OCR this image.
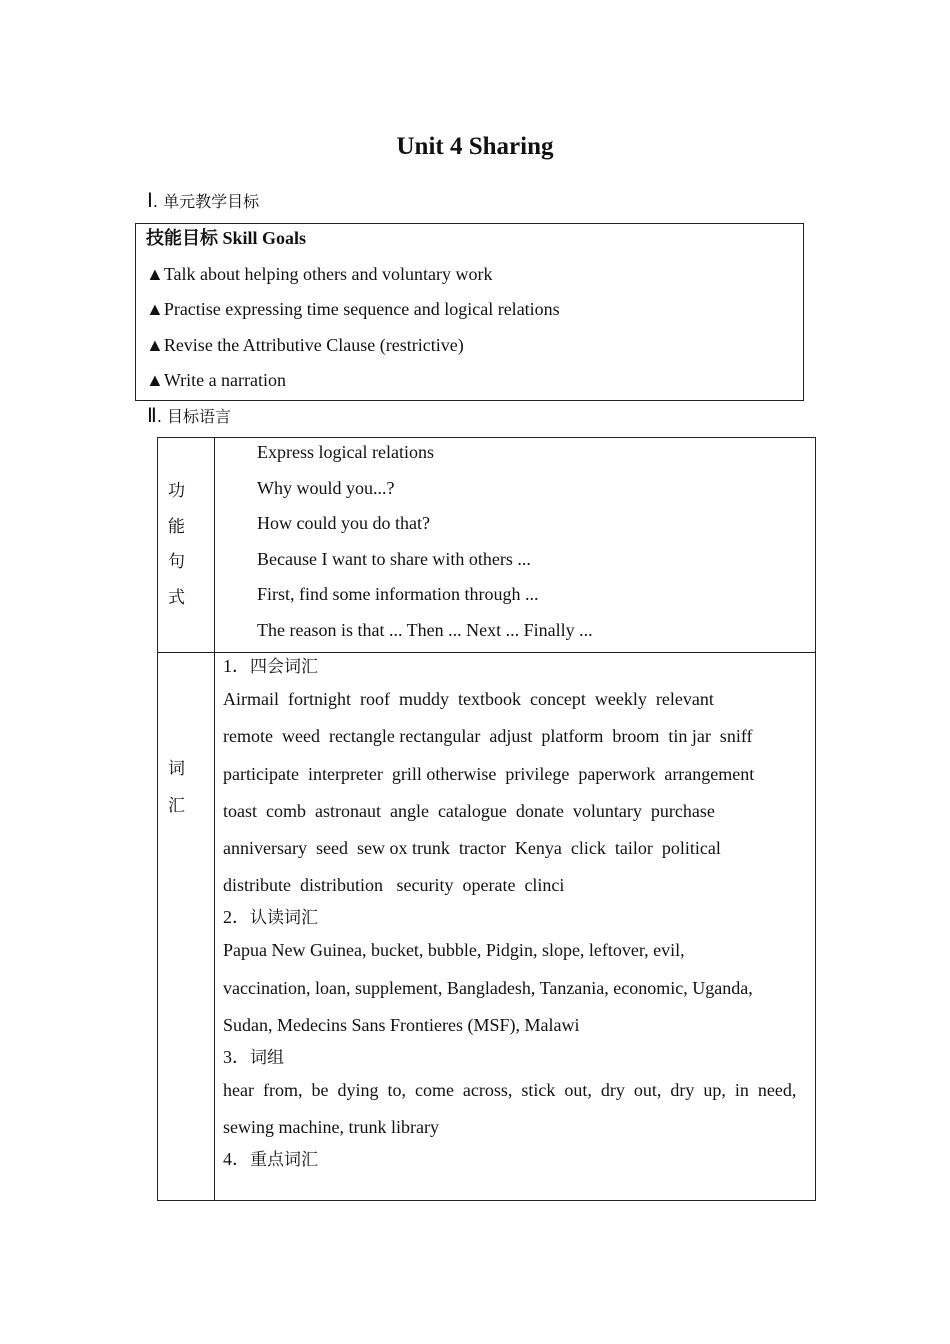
Unit 4 Sharing
Ⅰ. 单元教学目标
技能目标 Skill Goals
▲Talk about helping others and voluntary work
▲Practise expressing time sequence and logical relations
▲Revise the Attributive Clause (restrictive)
▲Write a narration
Ⅱ. 目标语言
功
能
句
式
Express logical relations
Why would you...?
How could you do that?
Because I want to share with others ...
First, find some information through ...
The reason is that ... Then ... Next ... Finally ...
词
汇
1．四会词汇
Airmail  fortnight  roof  muddy  textbook  concept  weekly  relevant
remote  weed  rectangle rectangular  adjust  platform  broom  tin jar  sniff
participate  interpreter  grill otherwise  privilege  paperwork  arrangement
toast  comb  astronaut  angle  catalogue  donate  voluntary  purchase
anniversary  seed  sew ox trunk  tractor  Kenya  click  tailor  political
distribute  distribution   security  operate  clinci
2．认读词汇
Papua New Guinea, bucket, bubble, Pidgin, slope, leftover, evil,
vaccination, loan, supplement, Bangladesh, Tanzania, economic, Uganda,
Sudan, Medecins Sans Frontieres (MSF), Malawi
3．词组
hear  from,  be  dying  to,  come  across,  stick  out,  dry  out,  dry  up,  in  need,
sewing machine, trunk library
4．重点词汇
